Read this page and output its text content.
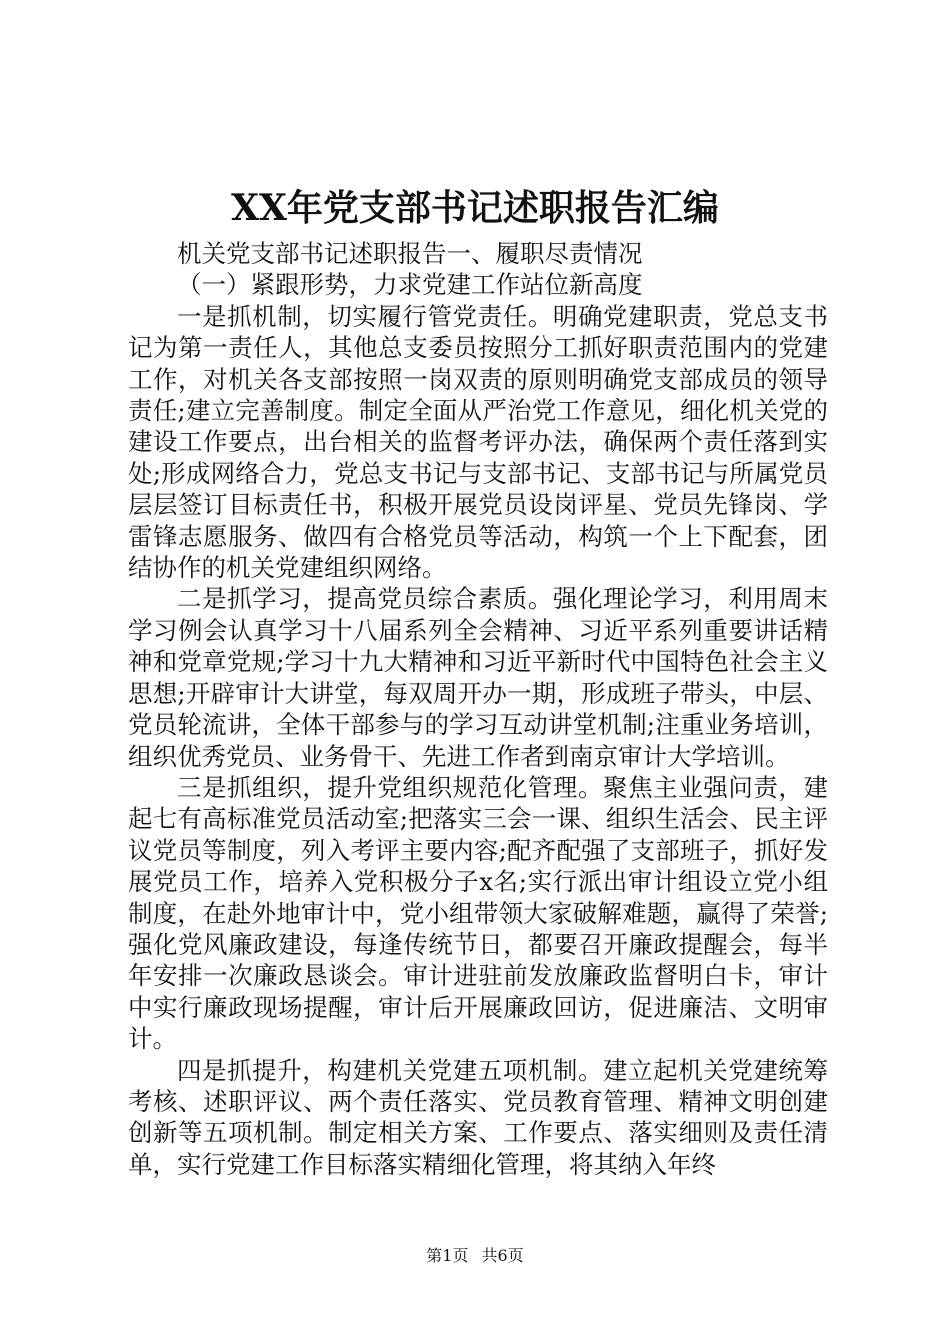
XX年党支部书记述职报告汇编

机关党支部书记述职报告一、履职尽责情况

（一）紧跟形势，力求党建工作站位新高度

一是抓机制，切实履行管党责任。明确党建职责，党总支书记为第一责任人，其他总支委员按照分工抓好职责范围内的党建工作，对机关各支部按照一岗双责的原则明确党支部成员的领导责任;建立完善制度。制定全面从严治党工作意见，细化机关党的建设工作要点，出台相关的监督考评办法，确保两个责任落到实处;形成网络合力，党总支书记与支部书记、支部书记与所属党员层层签订目标责任书，积极开展党员设岗评星、党员先锋岗、学雷锋志愿服务、做四有合格党员等活动，构筑一个上下配套，团结协作的机关党建组织网络。

二是抓学习，提高党员综合素质。强化理论学习，利用周末学习例会认真学习十八届系列全会精神、习近平系列重要讲话精神和党章党规;学习十九大精神和习近平新时代中国特色社会主义思想;开辟审计大讲堂，每双周开办一期，形成班子带头，中层、党员轮流讲，全体干部参与的学习互动讲堂机制;注重业务培训，组织优秀党员、业务骨干、先进工作者到南京审计大学培训。

三是抓组织，提升党组织规范化管理。聚焦主业强问责，建起七有高标准党员活动室;把落实三会一课、组织生活会、民主评议党员等制度，列入考评主要内容;配齐配强了支部班子，抓好发展党员工作，培养入党积极分子x名;实行派出审计组设立党小组制度，在赴外地审计中，党小组带领大家破解难题，赢得了荣誉;强化党风廉政建设，每逢传统节日，都要召开廉政提醒会，每半年安排一次廉政恳谈会。审计进驻前发放廉政监督明白卡，审计中实行廉政现场提醒，审计后开展廉政回访，促进廉洁、文明审计。

四是抓提升，构建机关党建五项机制。建立起机关党建统筹考核、述职评议、两个责任落实、党员教育管理、精神文明创建创新等五项机制。制定相关方案、工作要点、落实细则及责任清单，实行党建工作目标落实精细化管理，将其纳入年终

第1页 共6页
